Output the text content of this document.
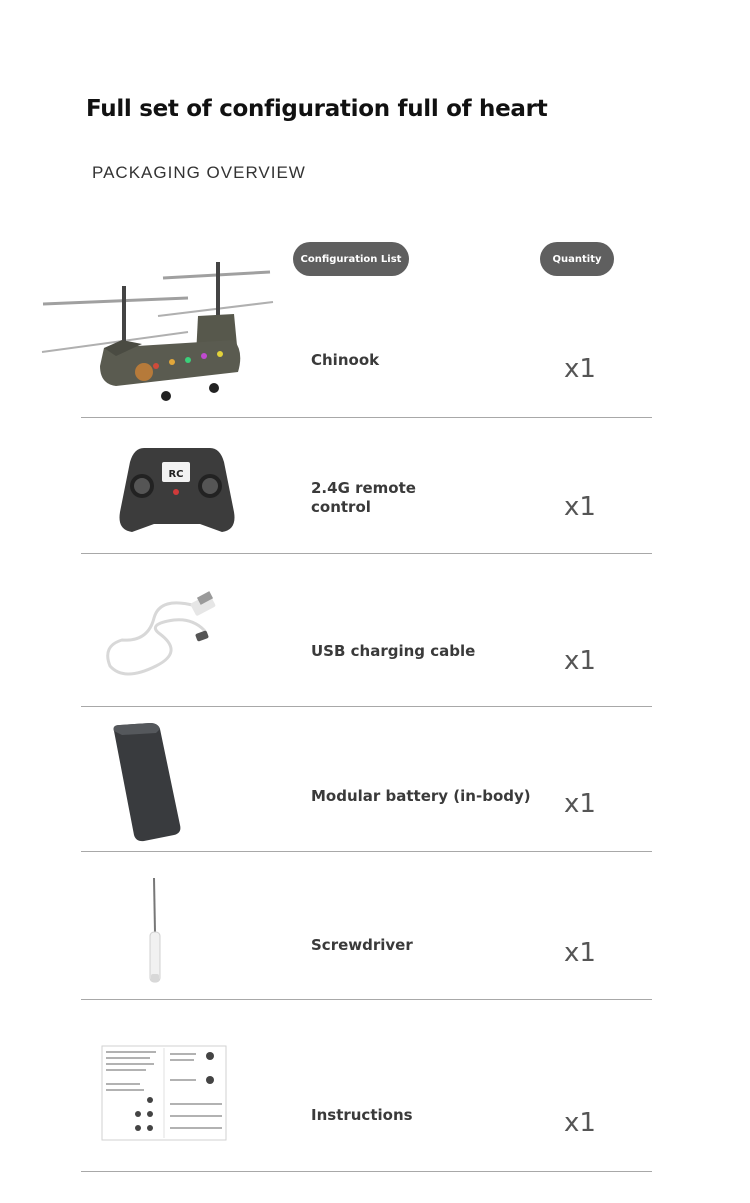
Full set of configuration full of heart
PACKAGING OVERVIEW
Configuration List	Quantity
Chinook	x1
RC
2.4G remote control	x1
USB charging cable	x1
Modular battery (in-body) x1
Screwdriver	x1
Instructions	x1
